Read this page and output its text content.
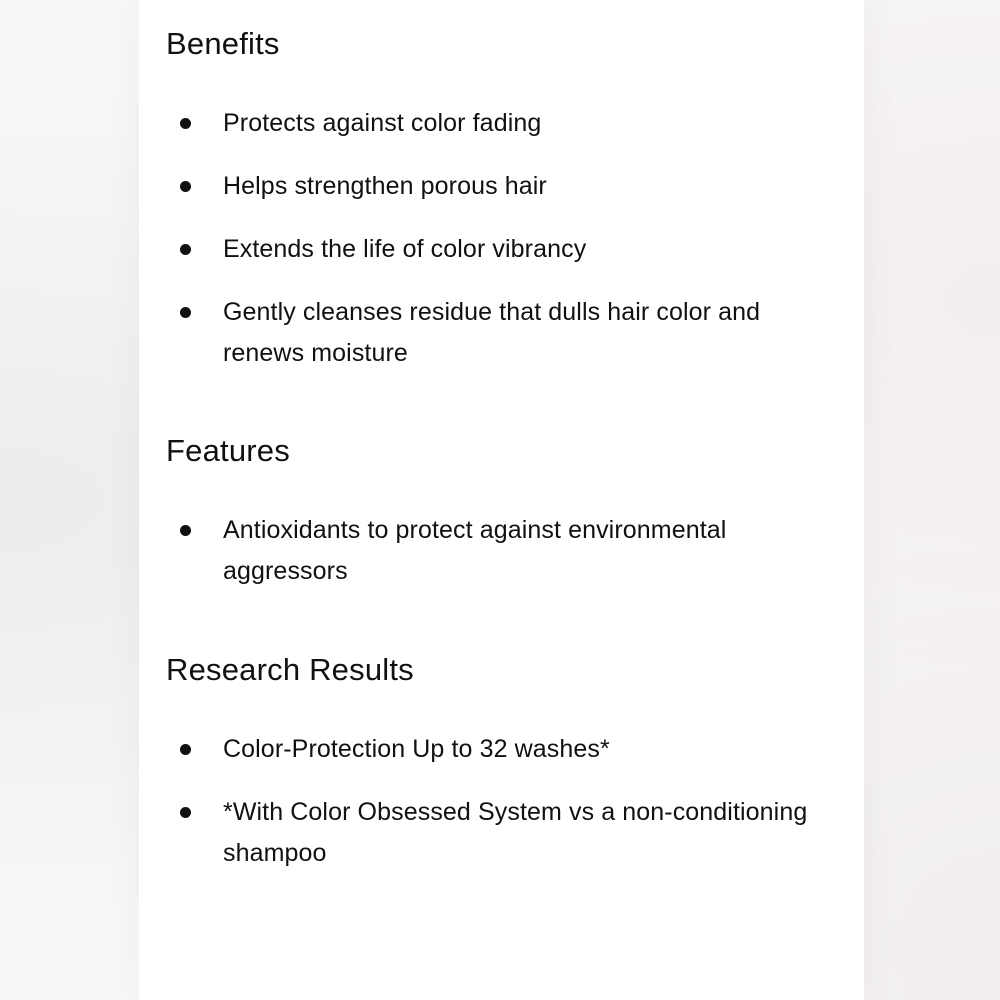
Benefits
Protects against color fading
Helps strengthen porous hair
Extends the life of color vibrancy
Gently cleanses residue that dulls hair color and renews moisture
Features
Antioxidants to protect against environmental aggressors
Research Results
Color-Protection Up to 32 washes*
*With Color Obsessed System vs a non-conditioning shampoo
